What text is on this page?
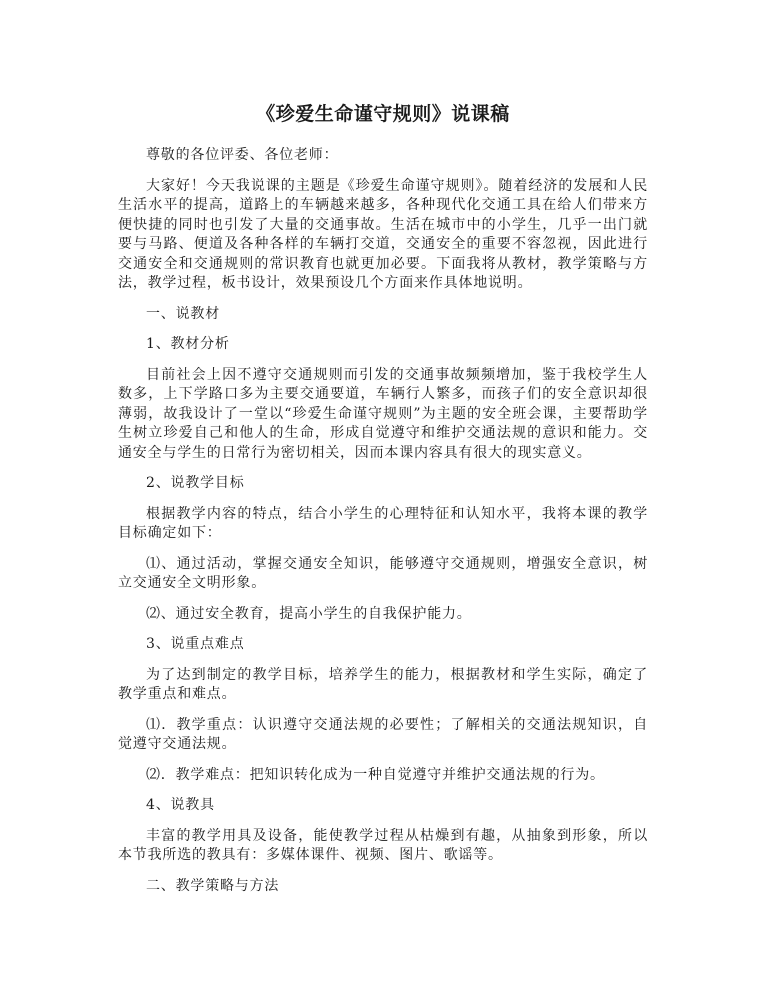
《珍爱生命谨守规则》说课稿

尊敬的各位评委、各位老师：

大家好！今天我说课的主题是《珍爱生命谨守规则》。随着经济的发展和人民生活水平的提高，道路上的车辆越来越多，各种现代化交通工具在给人们带来方便快捷的同时也引发了大量的交通事故。生活在城市中的小学生，几乎一出门就要与马路、便道及各种各样的车辆打交道，交通安全的重要不容忽视，因此进行交通安全和交通规则的常识教育也就更加必要。下面我将从教材，教学策略与方法，教学过程，板书设计，效果预设几个方面来作具体地说明。

一、说教材

1、教材分析

目前社会上因不遵守交通规则而引发的交通事故频频增加，鉴于我校学生人数多，上下学路口多为主要交通要道，车辆行人繁多，而孩子们的安全意识却很薄弱，故我设计了一堂以“珍爱生命谨守规则”为主题的安全班会课，主要帮助学生树立珍爱自己和他人的生命，形成自觉遵守和维护交通法规的意识和能力。交通安全与学生的日常行为密切相关，因而本课内容具有很大的现实意义。

2、说教学目标

根据教学内容的特点，结合小学生的心理特征和认知水平，我将本课的教学目标确定如下：

⑴、通过活动，掌握交通安全知识，能够遵守交通规则，增强安全意识，树立交通安全文明形象。

⑵、通过安全教育，提高小学生的自我保护能力。

3、说重点难点

为了达到制定的教学目标，培养学生的能力，根据教材和学生实际，确定了教学重点和难点。

⑴．教学重点：认识遵守交通法规的必要性；了解相关的交通法规知识，自觉遵守交通法规。

⑵．教学难点：把知识转化成为一种自觉遵守并维护交通法规的行为。

4、说教具

丰富的教学用具及设备，能使教学过程从枯燥到有趣，从抽象到形象，所以本节我所选的教具有：多媒体课件、视频、图片、歌谣等。

二、教学策略与方法
